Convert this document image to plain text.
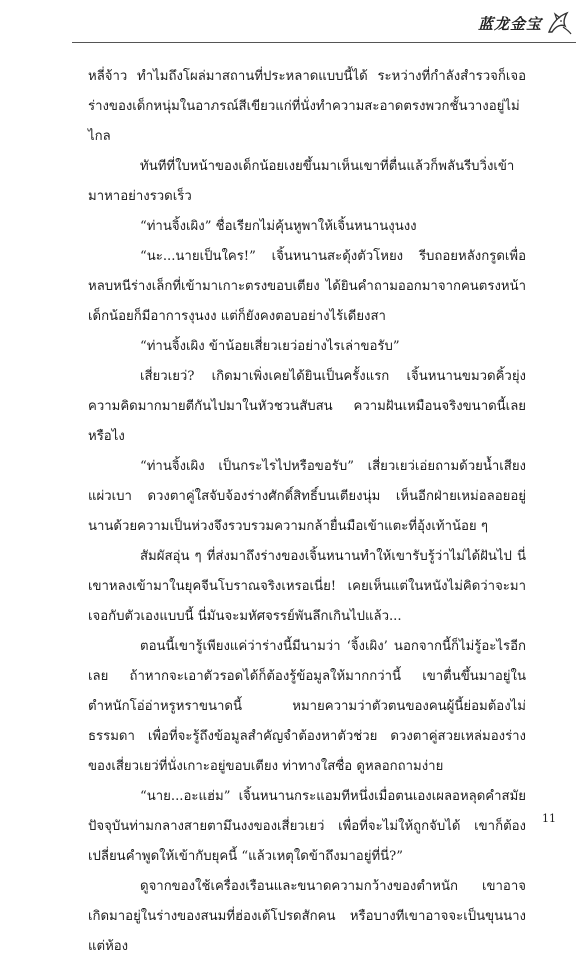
蓝龙金宝

หลี่จ้าว ทำไมถึงโผล่มาสถานที่ประหลาดแบบนี้ได้ ระหว่างที่กำลังสำรวจก็เจอร่างของเด็กหนุ่มในอาภรณ์สีเขียวแก่ที่นั่งทำความสะอาดตรงพวกชั้นวางอยู่ไม่ไกล

ทันทีที่ใบหน้าของเด็กน้อยเงยขึ้นมาเห็นเขาที่ตื่นแล้วก็พลันรีบวิ่งเข้ามาหาอย่างรวดเร็ว

“ท่านจิ้งเผิง” ชื่อเรียกไม่คุ้นหูพาให้เจิ้นหนานงุนงง

“นะ...นายเป็นใคร!” เจิ้นหนานสะดุ้งตัวโหยง รีบถอยหลังกรูดเพื่อหลบหนีร่างเล็กที่เข้ามาเกาะตรงขอบเตียง ได้ยินคำถามออกมาจากคนตรงหน้าเด็กน้อยก็มีอาการงุนงง แต่ก็ยังคงตอบอย่างไร้เดียงสา

“ท่านจิ้งเผิง ข้าน้อยเสี่ยวเยว่อย่างไรเล่าขอรับ”

เสี่ยวเยว่? เกิดมาเพิ่งเคยได้ยินเป็นครั้งแรก เจิ้นหนานขมวดคิ้วยุ่ง ความคิดมากมายตีกันไปมาในหัวชวนสับสน ความฝันเหมือนจริงขนาดนี้เลยหรือไง

“ท่านจิ้งเผิง เป็นกระไรไปหรือขอรับ” เสี่ยวเยว่เอ่ยถามด้วยน้ำเสียงแผ่วเบา ดวงตาคู่ใสจับจ้องร่างศักดิ์สิทธิ์บนเตียงนุ่ม เห็นอีกฝ่ายเหม่อลอยอยู่นานด้วยความเป็นห่วงจึงรวบรวมความกล้ายื่นมือเข้าแตะที่อุ้งเท้าน้อย ๆ

สัมผัสอุ่น ๆ ที่ส่งมาถึงร่างของเจิ้นหนานทำให้เขารับรู้ว่าไม่ได้ฝันไป นี่เขาหลงเข้ามาในยุคจีนโบราณจริงเหรอเนี่ย! เคยเห็นแต่ในหนังไม่คิดว่าจะมาเจอกับตัวเองแบบนี้ นี่มันจะมหัศจรรย์พันลึกเกินไปแล้ว...

ตอนนี้เขารู้เพียงแค่ว่าร่างนี้มีนามว่า ‘จิ้งเผิง’ นอกจากนี้ก็ไม่รู้อะไรอีกเลย ถ้าหากจะเอาตัวรอดได้ก็ต้องรู้ข้อมูลให้มากกว่านี้ เขาตื่นขึ้นมาอยู่ในตำหนักโอ่อ่าหรูหราขนาดนี้ หมายความว่าตัวตนของคนผู้นี้ย่อมต้องไม่ธรรมดา เพื่อที่จะรู้ถึงข้อมูลสำคัญจำต้องหาตัวช่วย ดวงตาคู่สวยเหล่มองร่างของเสี่ยวเยว่ที่นั่งเกาะอยู่ขอบเตียง ท่าทางใสซื่อ ดูหลอกถามง่าย

“นาย...อะแฮ่ม” เจิ้นหนานกระแอมทีหนึ่งเมื่อตนเองเผลอหลุดคำสมัยปัจจุบันท่ามกลางสายตามึนงงของเสี่ยวเยว่ เพื่อที่จะไม่ให้ถูกจับได้ เขาก็ต้องเปลี่ยนคำพูดให้เข้ากับยุคนี้ “แล้วเหตุใดข้าถึงมาอยู่ที่นี่?”

ดูจากของใช้เครื่องเรือนและขนาดความกว้างของตำหนัก เขาอาจเกิดมาอยู่ในร่างของสนมที่ฮ่องเต้โปรดสักคน หรือบางทีเขาอาจจะเป็นขุนนาง แต่ห้อง

11
